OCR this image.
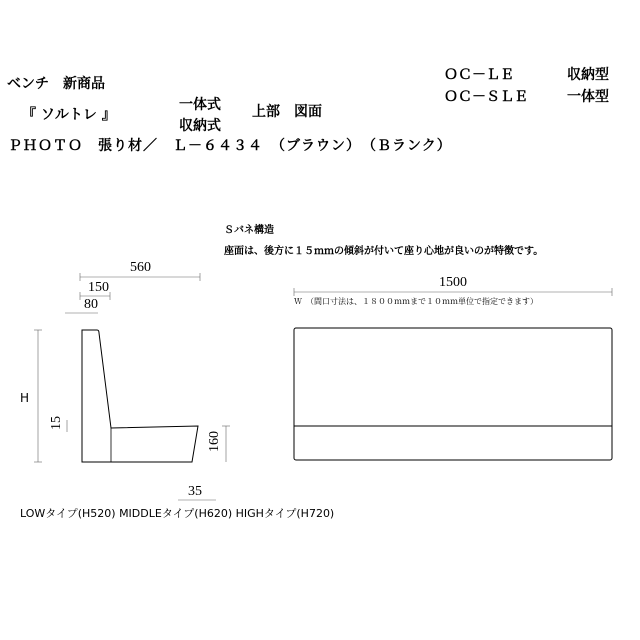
ベンチ　新商品
『 ソルトレ 』
一体式
収納式
上部　図面
ＰＨＯＴＯ　張り材／　Ｌ－６４３４　（ブラウン）　（Ｂランク）
ＯＣ－ＬＥ	収納型
ＯＣ－ＳＬＥ	一体型
Ｓバネ構造
座面は、後方に１５ｍｍの傾斜が付いて座り心地が良いのが特徴です。
Ｗ　（間口寸法は、１８００ｍｍまで１０ｍｍ単位で指定できます）
560
150
80
H
15
160
35
1500
LOWタイプ(H520) MIDDLEタイプ(H620) HIGHタイプ(H720)
